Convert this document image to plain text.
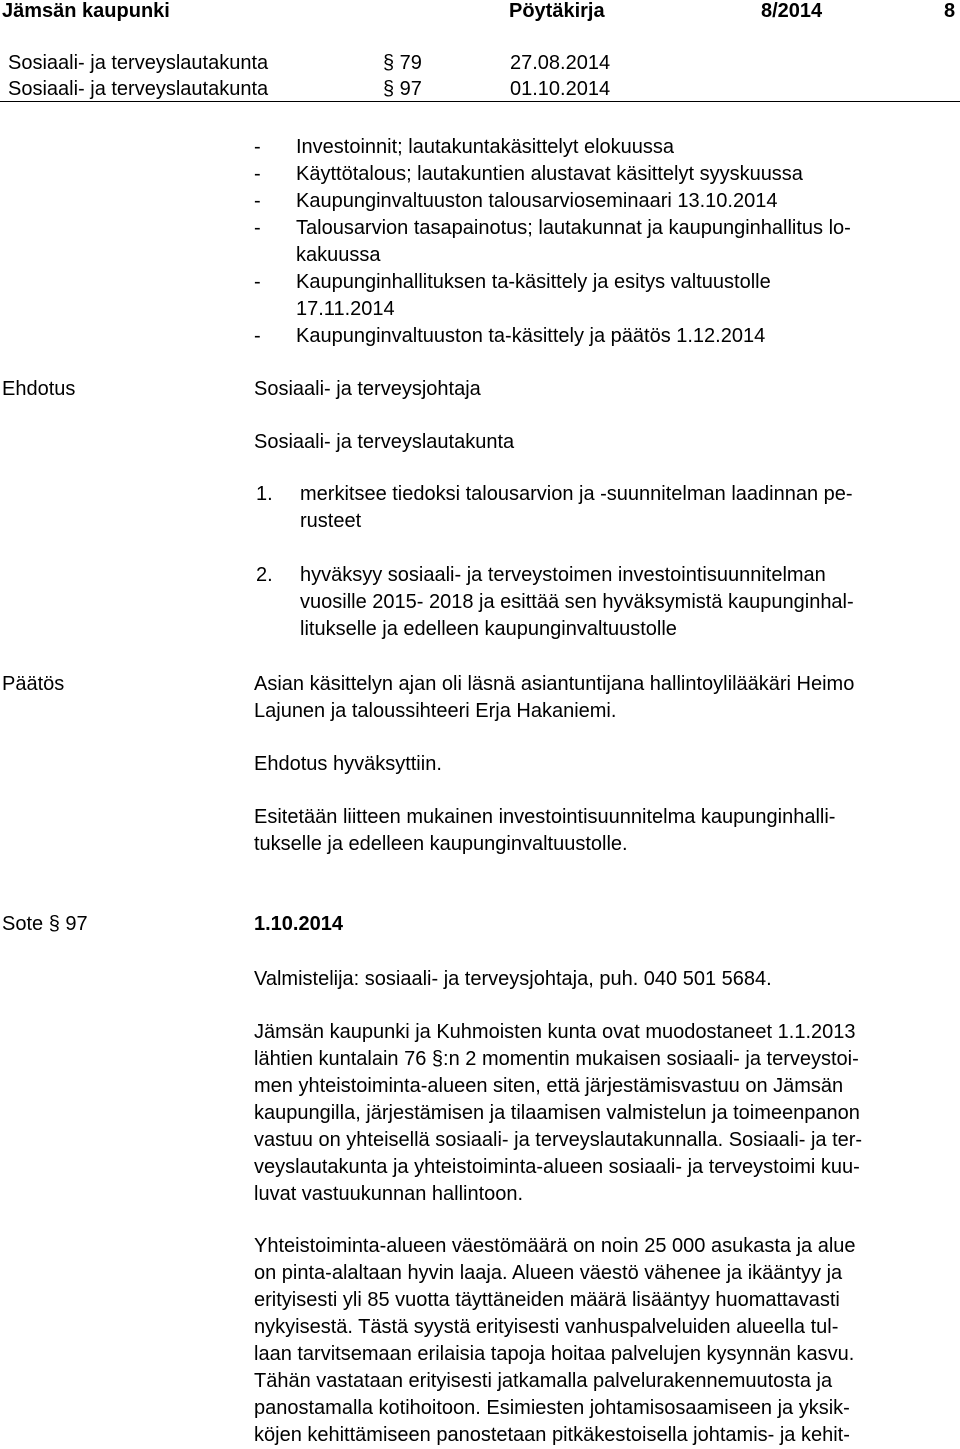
Jämsän kaupunki	Pöytäkirja	8/2014	8
Sosiaali- ja terveyslautakunta	§ 79	27.08.2014
Sosiaali- ja terveyslautakunta	§ 97	01.10.2014
- Investoinnit; lautakuntakäsittelyt elokuussa
- Käyttötalous; lautakuntien alustavat käsittelyt syyskuussa
- Kaupunginvaltuuston talousarvioseminaari 13.10.2014
- Talousarvion tasapainotus; lautakunnat ja kaupunginhallitus lo-
kakuussa
- Kaupunginhallituksen ta-käsittely ja esitys valtuustolle
17.11.2014
- Kaupunginvaltuuston ta-käsittely ja päätös 1.12.2014
Ehdotus	Sosiaali- ja terveysjohtaja
Sosiaali- ja terveyslautakunta
1. merkitsee tiedoksi talousarvion ja -suunnitelman laadinnan pe-
rusteet
2. hyväksyy sosiaali- ja terveystoimen investointisuunnitelman
vuosille 2015- 2018 ja esittää sen hyväksymistä kaupunginhal-
litukselle ja edelleen kaupunginvaltuustolle
Päätös	Asian käsittelyn ajan oli läsnä asiantuntijana hallintoylilääkäri Heimo
Lajunen ja taloussihteeri Erja Hakaniemi.
Ehdotus hyväksyttiin.
Esitetään liitteen mukainen investointisuunnitelma kaupunginhalli-
tukselle ja edelleen kaupunginvaltuustolle.
Sote § 97	1.10.2014
Valmistelija: sosiaali- ja terveysjohtaja, puh. 040 501 5684.
Jämsän kaupunki ja Kuhmoisten kunta ovat muodostaneet 1.1.2013
lähtien kuntalain 76 §:n 2 momentin mukaisen sosiaali- ja terveystoi-
men yhteistoiminta-alueen siten, että järjestämisvastuu on Jämsän
kaupungilla, järjestämisen ja tilaamisen valmistelun ja toimeenpanon
vastuu on yhteisellä sosiaali- ja terveyslautakunnalla. Sosiaali- ja ter-
veyslautakunta ja yhteistoiminta-alueen sosiaali- ja terveystoimi kuu-
luvat vastuukunnan hallintoon.
Yhteistoiminta-alueen väestömäärä on noin 25 000 asukasta ja alue
on pinta-alaltaan hyvin laaja. Alueen väestö vähenee ja ikääntyy ja
erityisesti yli 85 vuotta täyttäneiden määrä lisääntyy huomattavasti
nykyisestä. Tästä syystä erityisesti vanhuspalveluiden alueella tul-
laan tarvitsemaan erilaisia tapoja hoitaa palvelujen kysynnän kasvu.
Tähän vastataan erityisesti jatkamalla palvelurakennemuutosta ja
panostamalla kotihoitoon. Esimiesten johtamisosaamiseen ja yksik-
köjen kehittämiseen panostetaan pitkäkestoisella johtamis- ja kehit-
